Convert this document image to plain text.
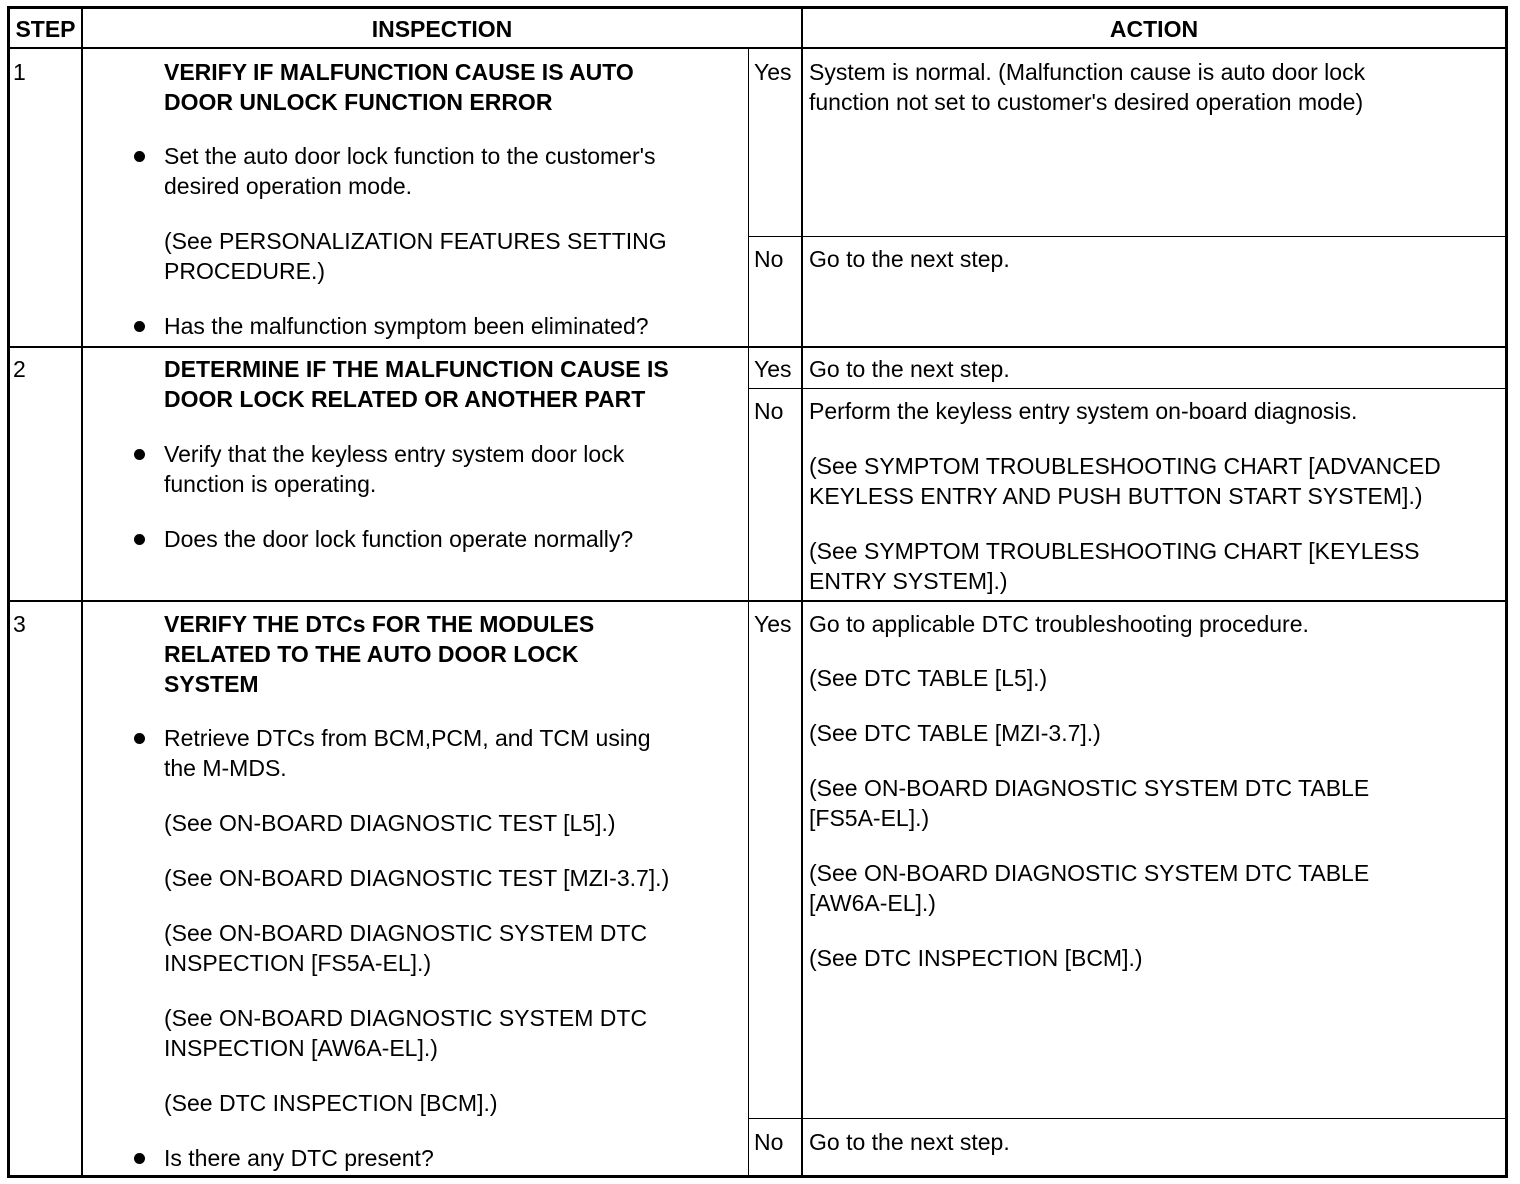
STEP	INSPECTION	ACTION
1	VERIFY IF MALFUNCTION CAUSE IS AUTO
DOOR UNLOCK FUNCTION ERROR
Set the auto door lock function to the customer's
desired operation mode.
(See PERSONALIZATION FEATURES SETTING
PROCEDURE.)
Has the malfunction symptom been eliminated?
Yes System is normal. (Malfunction cause is auto door lock
function not set to customer's desired operation mode)
No Go to the next step.
2	DETERMINE IF THE MALFUNCTION CAUSE IS
DOOR LOCK RELATED OR ANOTHER PART
Verify that the keyless entry system door lock
function is operating.
Does the door lock function operate normally?
Yes Go to the next step.
No Perform the keyless entry system on-board diagnosis.
(See SYMPTOM TROUBLESHOOTING CHART [ADVANCED
KEYLESS ENTRY AND PUSH BUTTON START SYSTEM].)
(See SYMPTOM TROUBLESHOOTING CHART [KEYLESS
ENTRY SYSTEM].)
3	VERIFY THE DTCs FOR THE MODULES
RELATED TO THE AUTO DOOR LOCK
SYSTEM
Retrieve DTCs from BCM,PCM, and TCM using
the M-MDS.
(See ON-BOARD DIAGNOSTIC TEST [L5].)
(See ON-BOARD DIAGNOSTIC TEST [MZI-3.7].)
(See ON-BOARD DIAGNOSTIC SYSTEM DTC
INSPECTION [FS5A-EL].)
(See ON-BOARD DIAGNOSTIC SYSTEM DTC
INSPECTION [AW6A-EL].)
(See DTC INSPECTION [BCM].)
Is there any DTC present?
Yes Go to applicable DTC troubleshooting procedure.
(See DTC TABLE [L5].)
(See DTC TABLE [MZI-3.7].)
(See ON-BOARD DIAGNOSTIC SYSTEM DTC TABLE
[FS5A-EL].)
(See ON-BOARD DIAGNOSTIC SYSTEM DTC TABLE
[AW6A-EL].)
(See DTC INSPECTION [BCM].)
No Go to the next step.
